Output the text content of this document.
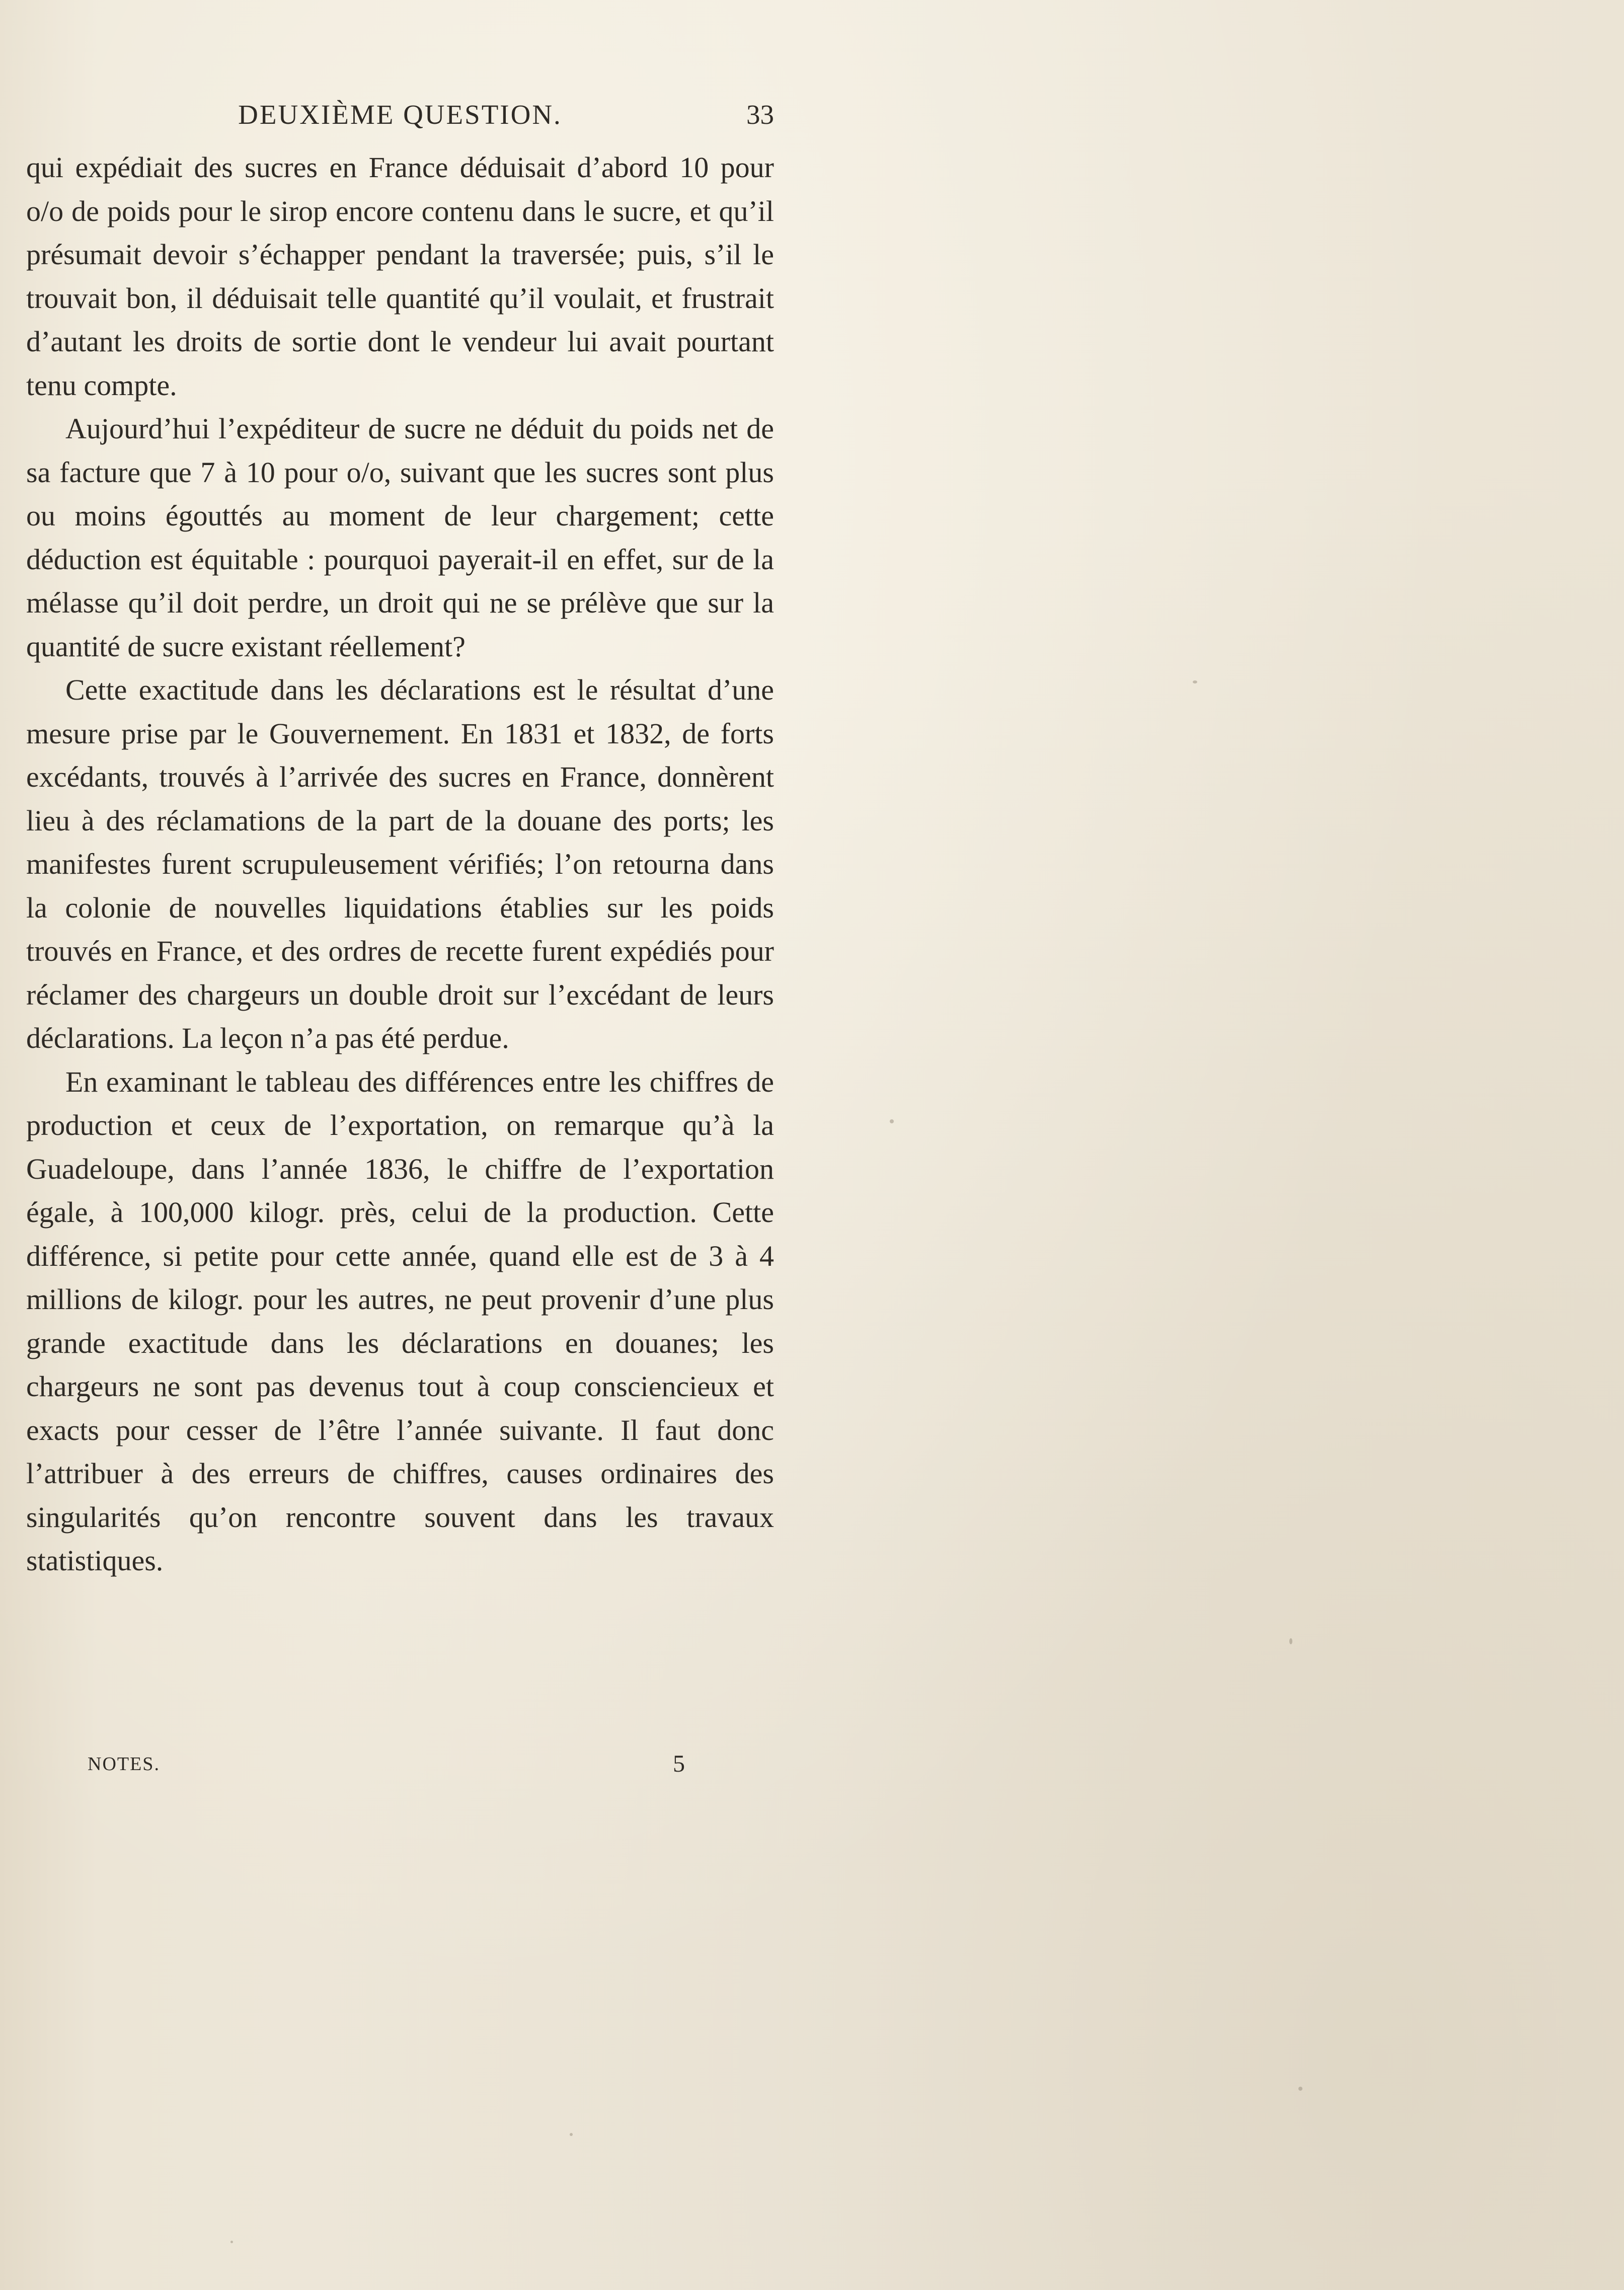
DEUXIÈME QUESTION.	33

qui expédiait des sucres en France déduisait d’abord 10 pour o/o de poids pour le sirop encore contenu dans le sucre, et qu’il présumait devoir s’échapper pendant la traversée; puis, s’il le trouvait bon, il déduisait telle quantité qu’il voulait, et frustrait d’autant les droits de sortie dont le vendeur lui avait pourtant tenu compte.

Aujourd’hui l’expéditeur de sucre ne déduit du poids net de sa facture que 7 à 10 pour o/o, suivant que les sucres sont plus ou moins égouttés au moment de leur chargement; cette déduction est équitable : pourquoi payerait-il en effet, sur de la mélasse qu’il doit perdre, un droit qui ne se prélève que sur la quantité de sucre existant réellement?

Cette exactitude dans les déclarations est le résultat d’une mesure prise par le Gouvernement. En 1831 et 1832, de forts excédants, trouvés à l’arrivée des sucres en France, donnèrent lieu à des réclamations de la part de la douane des ports; les manifestes furent scrupuleusement vérifiés; l’on retourna dans la colonie de nouvelles liquidations établies sur les poids trouvés en France, et des ordres de recette furent expédiés pour réclamer des chargeurs un double droit sur l’excédant de leurs déclarations. La leçon n’a pas été perdue.

En examinant le tableau des différences entre les chiffres de production et ceux de l’exportation, on remarque qu’à la Guadeloupe, dans l’année 1836, le chiffre de l’exportation égale, à 100,000 kilogr. près, celui de la production. Cette différence, si petite pour cette année, quand elle est de 3 à 4 millions de kilogr. pour les autres, ne peut provenir d’une plus grande exactitude dans les déclarations en douanes; les chargeurs ne sont pas devenus tout à coup consciencieux et exacts pour cesser de l’être l’année suivante. Il faut donc l’attribuer à des erreurs de chiffres, causes ordinaires des singularités qu’on rencontre souvent dans les travaux statistiques.

NOTES.	5
